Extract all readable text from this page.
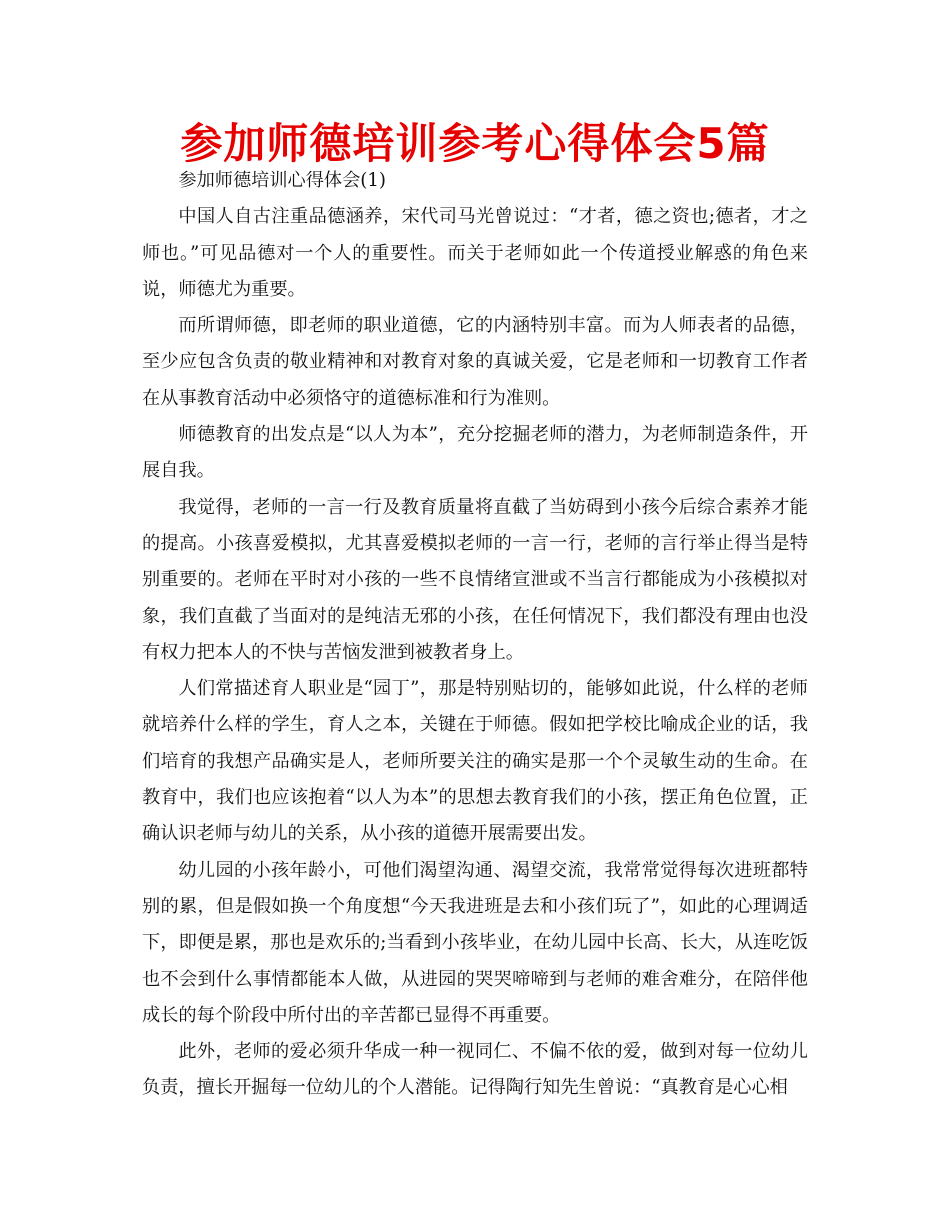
参加师德培训参考心得体会5篇

参加师德培训心得体会(1)

中国人自古注重品德涵养，宋代司马光曾说过：“才者，德之资也;德者，才之师也。”可见品德对一个人的重要性。而关于老师如此一个传道授业解惑的角色来说，师德尤为重要。

而所谓师德，即老师的职业道德，它的内涵特别丰富。而为人师表者的品德，至少应包含负责的敬业精神和对教育对象的真诚关爱，它是老师和一切教育工作者在从事教育活动中必须恪守的道德标准和行为准则。

师德教育的出发点是“以人为本”，充分挖掘老师的潜力，为老师制造条件，开展自我。

我觉得，老师的一言一行及教育质量将直截了当妨碍到小孩今后综合素养才能的提高。小孩喜爱模拟，尤其喜爱模拟老师的一言一行，老师的言行举止得当是特别重要的。老师在平时对小孩的一些不良情绪宣泄或不当言行都能成为小孩模拟对象，我们直截了当面对的是纯洁无邪的小孩，在任何情况下，我们都没有理由也没有权力把本人的不快与苦恼发泄到被教者身上。

人们常描述育人职业是“园丁”，那是特别贴切的，能够如此说，什么样的老师就培养什么样的学生，育人之本，关键在于师德。假如把学校比喻成企业的话，我们培育的我想产品确实是人，老师所要关注的确实是那一个个灵敏生动的生命。在教育中，我们也应该抱着“以人为本”的思想去教育我们的小孩，摆正角色位置，正确认识老师与幼儿的关系，从小孩的道德开展需要出发。

幼儿园的小孩年龄小，可他们渴望沟通、渴望交流，我常常觉得每次进班都特别的累，但是假如换一个角度想“今天我进班是去和小孩们玩了”，如此的心理调适下，即便是累，那也是欢乐的;当看到小孩毕业，在幼儿园中长高、长大，从连吃饭也不会到什么事情都能本人做，从进园的哭哭啼啼到与老师的难舍难分，在陪伴他成长的每个阶段中所付出的辛苦都已显得不再重要。

此外，老师的爱必须升华成一种一视同仁、不偏不依的爱，做到对每一位幼儿负责，擅长开掘每一位幼儿的个人潜能。记得陶行知先生曾说：“真教育是心心相
